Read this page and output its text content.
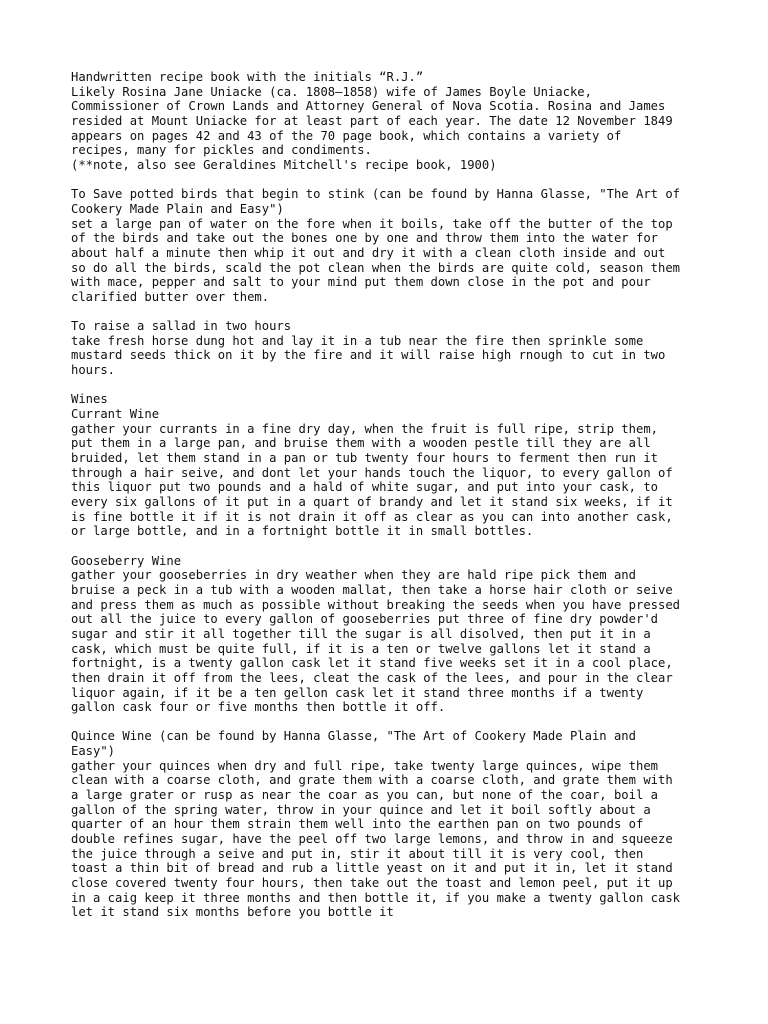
Handwritten recipe book with the initials “R.J.”
Likely Rosina Jane Uniacke (ca. 1808–1858) wife of James Boyle Uniacke,
Commissioner of Crown Lands and Attorney General of Nova Scotia. Rosina and James
resided at Mount Uniacke for at least part of each year. The date 12 November 1849
appears on pages 42 and 43 of the 70 page book, which contains a variety of
recipes, many for pickles and condiments.
(**note, also see Geraldines Mitchell's recipe book, 1900)
To Save potted birds that begin to stink (can be found by Hanna Glasse, "The Art of
Cookery Made Plain and Easy")
set a large pan of water on the fore when it boils, take off the butter of the top
of the birds and take out the bones one by one and throw them into the water for
about half a minute then whip it out and dry it with a clean cloth inside and out
so do all the birds, scald the pot clean when the birds are quite cold, season them
with mace, pepper and salt to your mind put them down close in the pot and pour
clarified butter over them.
To raise a sallad in two hours
take fresh horse dung hot and lay it in a tub near the fire then sprinkle some
mustard seeds thick on it by the fire and it will raise high rnough to cut in two
hours.
Wines
Currant Wine
gather your currants in a fine dry day, when the fruit is full ripe, strip them,
put them in a large pan, and bruise them with a wooden pestle till they are all
bruided, let them stand in a pan or tub twenty four hours to ferment then run it
through a hair seive, and dont let your hands touch the liquor, to every gallon of
this liquor put two pounds and a hald of white sugar, and put into your cask, to
every six gallons of it put in a quart of brandy and let it stand six weeks, if it
is fine bottle it if it is not drain it off as clear as you can into another cask,
or large bottle, and in a fortnight bottle it in small bottles.
Gooseberry Wine
gather your gooseberries in dry weather when they are hald ripe pick them and
bruise a peck in a tub with a wooden mallat, then take a horse hair cloth or seive
and press them as much as possible without breaking the seeds when you have pressed
out all the juice to every gallon of gooseberries put three of fine dry powder'd
sugar and stir it all together till the sugar is all disolved, then put it in a
cask, which must be quite full, if it is a ten or twelve gallons let it stand a
fortnight, is a twenty gallon cask let it stand five weeks set it in a cool place,
then drain it off from the lees, cleat the cask of the lees, and pour in the clear
liquor again, if it be a ten gellon cask let it stand three months if a twenty
gallon cask four or five months then bottle it off.
Quince Wine (can be found by Hanna Glasse, "The Art of Cookery Made Plain and
Easy")
gather your quinces when dry and full ripe, take twenty large quinces, wipe them
clean with a coarse cloth, and grate them with a coarse cloth, and grate them with
a large grater or rusp as near the coar as you can, but none of the coar, boil a
gallon of the spring water, throw in your quince and let it boil softly about a
quarter of an hour them strain them well into the earthen pan on two pounds of
double refines sugar, have the peel off two large lemons, and throw in and squeeze
the juice through a seive and put in, stir it about till it is very cool, then
toast a thin bit of bread and rub a little yeast on it and put it in, let it stand
close covered twenty four hours, then take out the toast and lemon peel, put it up
in a caig keep it three months and then bottle it, if you make a twenty gallon cask
let it stand six months before you bottle it
